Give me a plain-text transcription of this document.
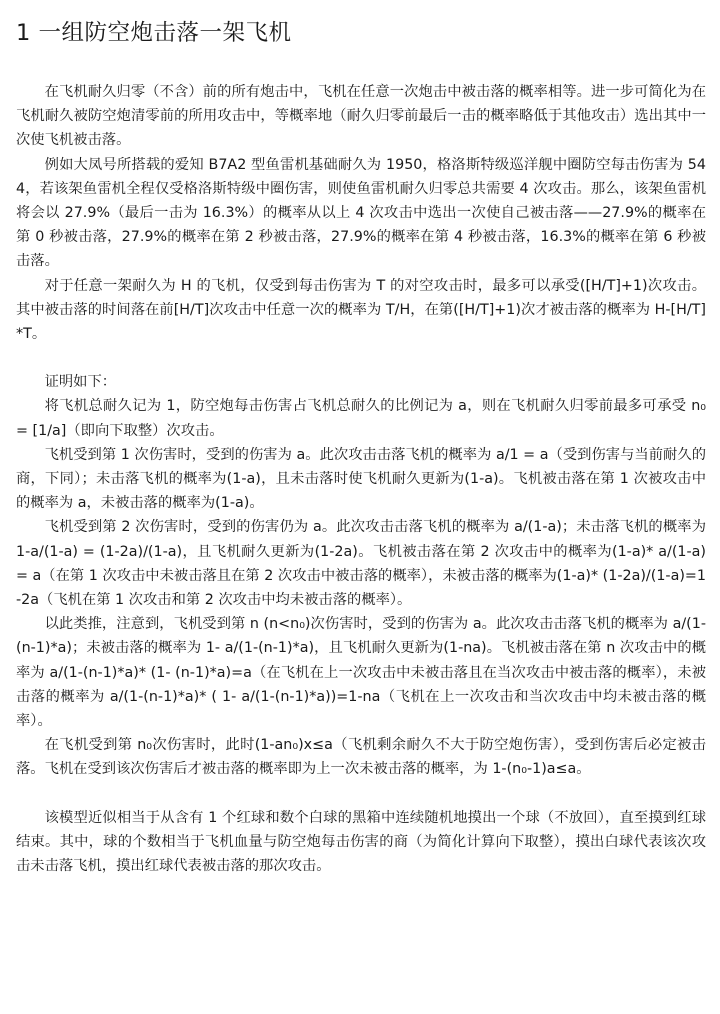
1 一组防空炮击落一架飞机

在飞机耐久归零（不含）前的所有炮击中，飞机在任意一次炮击中被击落的概率相等。进一步可简化为在飞机耐久被防空炮清零前的所用攻击中，等概率地（耐久归零前最后一击的概率略低于其他攻击）选出其中一次使飞机被击落。

例如大凤号所搭载的爱知 B7A2 型鱼雷机基础耐久为 1950，格洛斯特级巡洋舰中圈防空每击伤害为 544，若该架鱼雷机全程仅受格洛斯特级中圈伤害，则使鱼雷机耐久归零总共需要 4 次攻击。那么，该架鱼雷机将会以 27.9%（最后一击为 16.3%）的概率从以上 4 次攻击中选出一次使自己被击落——27.9%的概率在第 0 秒被击落，27.9%的概率在第 2 秒被击落，27.9%的概率在第 4 秒被击落，16.3%的概率在第 6 秒被击落。

对于任意一架耐久为 H 的飞机，仅受到每击伤害为 T 的对空攻击时，最多可以承受([H/T]+1)次攻击。其中被击落的时间落在前[H/T]次攻击中任意一次的概率为 T/H，在第([H/T]+1)次才被击落的概率为 H-[H/T]*T。

证明如下：

将飞机总耐久记为 1，防空炮每击伤害占飞机总耐久的比例记为 a，则在飞机耐久归零前最多可承受 n₀ = [1/a]（即向下取整）次攻击。

飞机受到第 1 次伤害时，受到的伤害为 a。此次攻击击落飞机的概率为 a/1 = a（受到伤害与当前耐久的商，下同）；未击落飞机的概率为(1-a)，且未击落时使飞机耐久更新为(1-a)。飞机被击落在第 1 次被攻击中的概率为 a，未被击落的概率为(1-a)。

飞机受到第 2 次伤害时，受到的伤害仍为 a。此次攻击击落飞机的概率为 a/(1-a)；未击落飞机的概率为 1-a/(1-a) = (1-2a)/(1-a)，且飞机耐久更新为(1-2a)。飞机被击落在第 2 次攻击中的概率为(1-a)* a/(1-a) = a（在第 1 次攻击中未被击落且在第 2 次攻击中被击落的概率），未被击落的概率为(1-a)* (1-2a)/(1-a)=1-2a（飞机在第 1 次攻击和第 2 次攻击中均未被击落的概率）。

以此类推，注意到，飞机受到第 n (n<n₀)次伤害时，受到的伤害为 a。此次攻击击落飞机的概率为 a/(1-(n-1)*a)；未被击落的概率为 1- a/(1-(n-1)*a)，且飞机耐久更新为(1-na)。飞机被击落在第 n 次攻击中的概率为 a/(1-(n-1)*a)* (1- (n-1)*a)=a（在飞机在上一次攻击中未被击落且在当次攻击中被击落的概率），未被击落的概率为 a/(1-(n-1)*a)* ( 1- a/(1-(n-1)*a))=1-na（飞机在上一次攻击和当次攻击中均未被击落的概率）。

在飞机受到第 n₀次伤害时，此时(1-an₀)x≤a（飞机剩余耐久不大于防空炮伤害），受到伤害后必定被击落。飞机在受到该次伤害后才被击落的概率即为上一次未被击落的概率，为 1-(n₀-1)a≤a。

该模型近似相当于从含有 1 个红球和数个白球的黑箱中连续随机地摸出一个球（不放回），直至摸到红球结束。其中，球的个数相当于飞机血量与防空炮每击伤害的商（为简化计算向下取整），摸出白球代表该次攻击未击落飞机，摸出红球代表被击落的那次攻击。
